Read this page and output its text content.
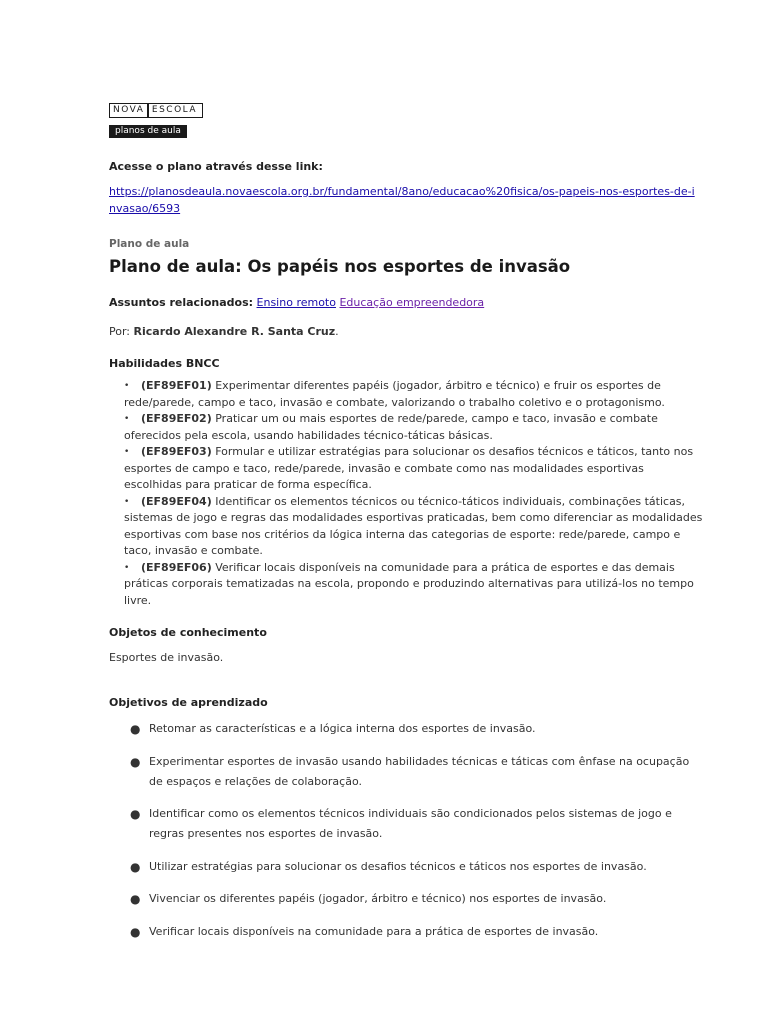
NOVA ESCOLA
planos de aula
Acesse o plano através desse link:
https://planosdeaula.novaescola.org.br/fundamental/8ano/educacao%20fisica/os-papeis-nos-esportes-de-invasao/6593
Plano de aula
Plano de aula: Os papéis nos esportes de invasão
Assuntos relacionados: Ensino remoto Educação empreendedora
Por: Ricardo Alexandre R. Santa Cruz.
Habilidades BNCC
• (EF89EF01) Experimentar diferentes papéis (jogador, árbitro e técnico) e fruir os esportes de rede/parede, campo e taco, invasão e combate, valorizando o trabalho coletivo e o protagonismo.
• (EF89EF02) Praticar um ou mais esportes de rede/parede, campo e taco, invasão e combate oferecidos pela escola, usando habilidades técnico-táticas básicas.
• (EF89EF03) Formular e utilizar estratégias para solucionar os desafios técnicos e táticos, tanto nos esportes de campo e taco, rede/parede, invasão e combate como nas modalidades esportivas escolhidas para praticar de forma específica.
• (EF89EF04) Identificar os elementos técnicos ou técnico-táticos individuais, combinações táticas, sistemas de jogo e regras das modalidades esportivas praticadas, bem como diferenciar as modalidades esportivas com base nos critérios da lógica interna das categorias de esporte: rede/parede, campo e taco, invasão e combate.
• (EF89EF06) Verificar locais disponíveis na comunidade para a prática de esportes e das demais práticas corporais tematizadas na escola, propondo e produzindo alternativas para utilizá-los no tempo livre.
Objetos de conhecimento
Esportes de invasão.
Objetivos de aprendizado
● Retomar as características e a lógica interna dos esportes de invasão.
● Experimentar esportes de invasão usando habilidades técnicas e táticas com ênfase na ocupação de espaços e relações de colaboração.
● Identificar como os elementos técnicos individuais são condicionados pelos sistemas de jogo e regras presentes nos esportes de invasão.
● Utilizar estratégias para solucionar os desafios técnicos e táticos nos esportes de invasão.
● Vivenciar os diferentes papéis (jogador, árbitro e técnico) nos esportes de invasão.
● Verificar locais disponíveis na comunidade para a prática de esportes de invasão.
